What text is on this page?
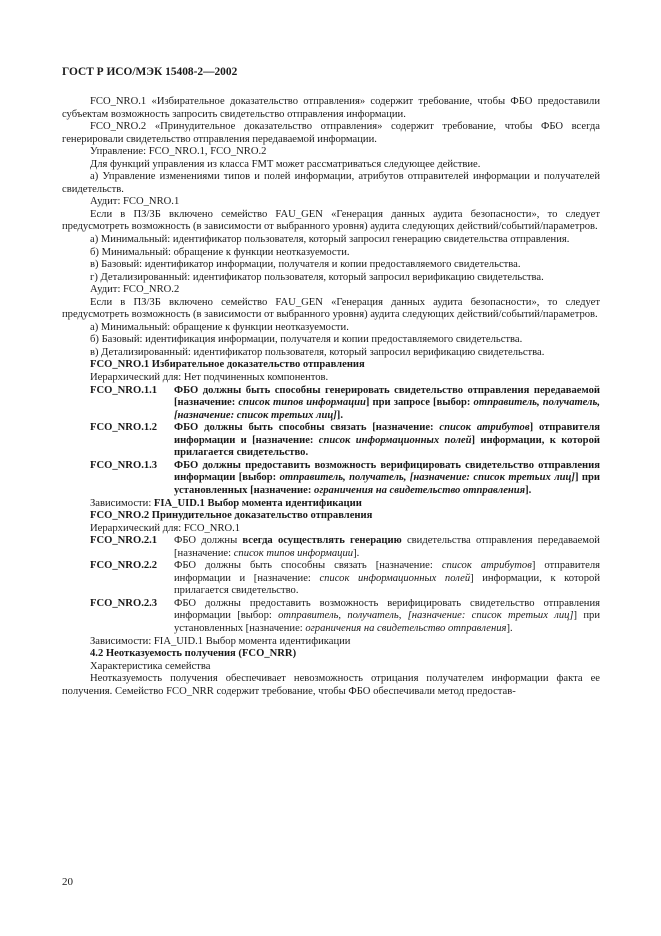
ГОСТ Р ИСО/МЭК 15408-2—2002
FCO_NRO.1 «Избирательное доказательство отправления» содержит требование, чтобы ФБО предоставили субъектам возможность запросить свидетельство отправления информации.
FCO_NRO.2 «Принудительное доказательство отправления» содержит требование, чтобы ФБО всегда генерировали свидетельство отправления передаваемой информации.
Управление: FCO_NRO.1, FCO_NRO.2
Для функций управления из класса FMT может рассматриваться следующее действие.
а) Управление изменениями типов и полей информации, атрибутов отправителей информации и получателей свидетельств.
Аудит: FCO_NRO.1
Если в ПЗ/ЗБ включено семейство FAU_GEN «Генерация данных аудита безопасности», то следует предусмотреть возможность (в зависимости от выбранного уровня) аудита следующих действий/событий/параметров.
а) Минимальный: идентификатор пользователя, который запросил генерацию свидетельства отправления.
б) Минимальный: обращение к функции неотказуемости.
в) Базовый: идентификатор информации, получателя и копии предоставляемого свидетельства.
г) Детализированный: идентификатор пользователя, который запросил верификацию свидетельства.
Аудит: FCO_NRO.2
Если в ПЗ/ЗБ включено семейство FAU_GEN «Генерация данных аудита безопасности», то следует предусмотреть возможность (в зависимости от выбранного уровня) аудита следующих действий/событий/параметров.
а) Минимальный: обращение к функции неотказуемости.
б) Базовый: идентификация информации, получателя и копии предоставляемого свидетельства.
в) Детализированный: идентификатор пользователя, который запросил верификацию свидетельства.
FCO_NRO.1 Избирательное доказательство отправления
Иерархический для: Нет подчиненных компонентов.
FCO_NRO.1.1 ФБО должны быть способны генерировать свидетельство отправления передаваемой [назначение: список типов информации] при запросе [выбор: отправитель, получатель, [назначение: список третьих лиц]].
FCO_NRO.1.2 ФБО должны быть способны связать [назначение: список атрибутов] отправителя информации и [назначение: список информационных полей] информации, к которой прилагается свидетельство.
FCO_NRO.1.3 ФБО должны предоставить возможность верифицировать свидетельство отправления информации [выбор: отправитель, получатель, [назначение: список третьих лиц]] при установленных [назначение: ограничения на свидетельство отправления].
Зависимости: FIA_UID.1 Выбор момента идентификации
FCO_NRO.2 Принудительное доказательство отправления
Иерархический для: FCO_NRO.1
FCO_NRO.2.1 ФБО должны всегда осуществлять генерацию свидетельства отправления передаваемой [назначение: список типов информации].
FCO_NRO.2.2 ФБО должны быть способны связать [назначение: список атрибутов] отправителя информации и [назначение: список информационных полей] информации, к которой прилагается свидетельство.
FCO_NRO.2.3 ФБО должны предоставить возможность верифицировать свидетельство отправления информации [выбор: отправитель, получатель, [назначение: список третьих лиц]] при установленных [назначение: ограничения на свидетельство отправления].
Зависимости: FIA_UID.1 Выбор момента идентификации
4.2 Неотказуемость получения (FCO_NRR)
Характеристика семейства
Неотказуемость получения обеспечивает невозможность отрицания получателем информации факта ее получения. Семейство FCO_NRR содержит требование, чтобы ФБО обеспечивали метод предостав-
20
